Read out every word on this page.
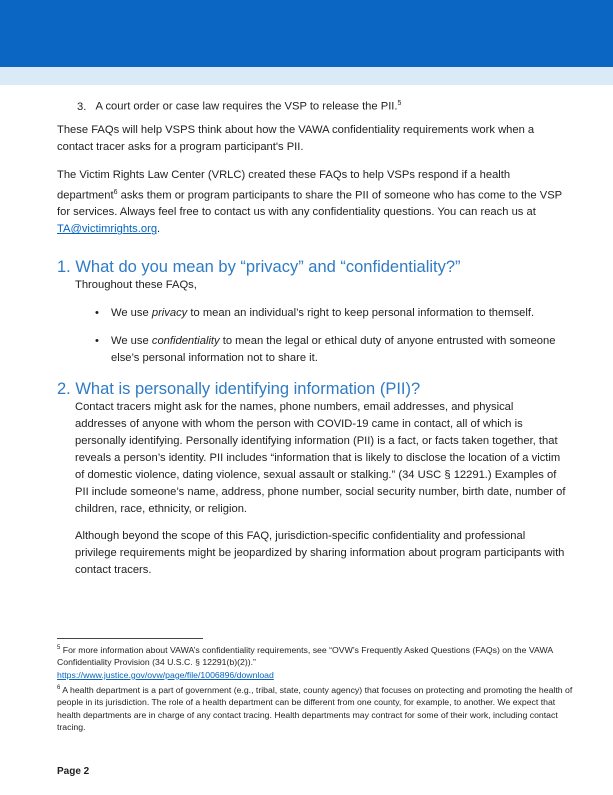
3. A court order or case law requires the VSP to release the PII.$^5$

These FAQs will help VSPS think about how the VAWA confidentiality requirements work when a contact tracer asks for a program participant's PII.

The Victim Rights Law Center (VRLC) created these FAQs to help VSPs respond if a health department$^6$ asks them or program participants to share the PII of someone who has come to the VSP for services. Always feel free to contact us with any confidentiality questions. You can reach us at TA@victimrights.org.

1. What do you mean by “privacy” and “confidentiality?”

Throughout these FAQs,

• We use privacy to mean an individual’s right to keep personal information to themself.
• We use confidentiality to mean the legal or ethical duty of anyone entrusted with someone else’s personal information not to share it.
2. What is personally identifying information (PII)?

Contact tracers might ask for the names, phone numbers, email addresses, and physical addresses of anyone with whom the person with COVID-19 came in contact, all of which is personally identifying. Personally identifying information (PII) is a fact, or facts taken together, that reveals a person’s identity. PII includes “information that is likely to disclose the location of a victim of domestic violence, dating violence, sexual assault or stalking.” (34 USC § 12291.) Examples of PII include someone’s name, address, phone number, social security number, birth date, number of children, race, ethnicity, or religion.

Although beyond the scope of this FAQ, jurisdiction-specific confidentiality and professional privilege requirements might be jeopardized by sharing information about program participants with contact tracers.

$^5$ For more information about VAWA’s confidentiality requirements, see “OVW’s Frequently Asked Questions (FAQs) on the VAWA Confidentiality Provision (34 U.S.C. § 12291(b)(2)).”
https://www.justice.gov/ovw/page/file/1006896/download

$^6$ A health department is a part of government (e.g., tribal, state, county agency) that focuses on protecting and promoting the health of people in its jurisdiction. The role of a health department can be different from one county, for example, to another. We expect that health departments are in charge of any contact tracing. Health departments may contract for some of their work, including contact tracing.

Page 2
